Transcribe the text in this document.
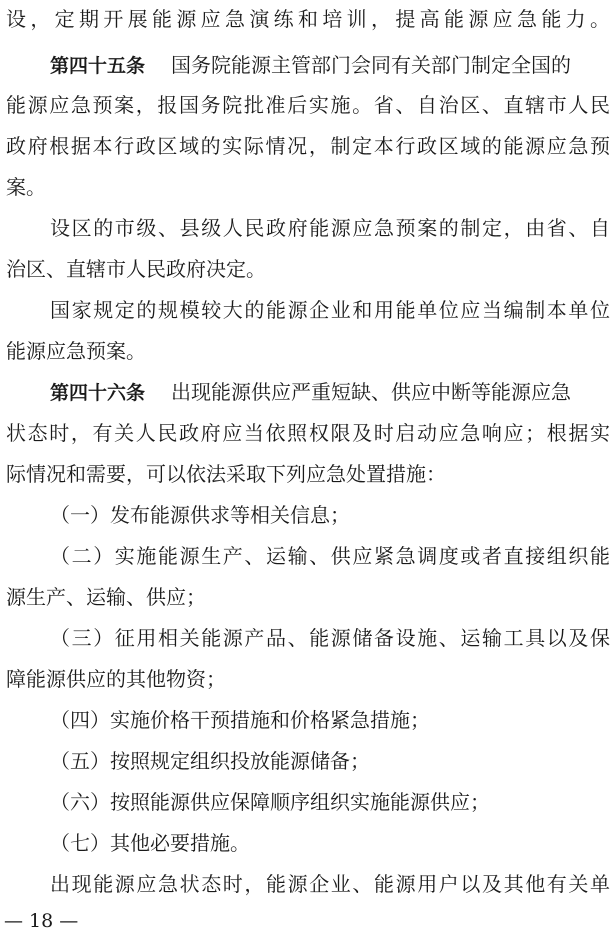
设，定期开展能源应急演练和培训，提高能源应急能力。
第四十五条 国务院能源主管部门会同有关部门制定全国的
能源应急预案，报国务院批准后实施。省、自治区、直辖市人民
政府根据本行政区域的实际情况，制定本行政区域的能源应急预
案。
设区的市级、县级人民政府能源应急预案的制定，由省、自
治区、直辖市人民政府决定。
国家规定的规模较大的能源企业和用能单位应当编制本单位
能源应急预案。
第四十六条 出现能源供应严重短缺、供应中断等能源应急
状态时，有关人民政府应当依照权限及时启动应急响应；根据实
际情况和需要，可以依法采取下列应急处置措施：
（一）发布能源供求等相关信息；
（二）实施能源生产、运输、供应紧急调度或者直接组织能
源生产、运输、供应；
（三）征用相关能源产品、能源储备设施、运输工具以及保
障能源供应的其他物资；
（四）实施价格干预措施和价格紧急措施；
（五）按照规定组织投放能源储备；
（六）按照能源供应保障顺序组织实施能源供应；
（七）其他必要措施。
出现能源应急状态时，能源企业、能源用户以及其他有关单
— 18 —
